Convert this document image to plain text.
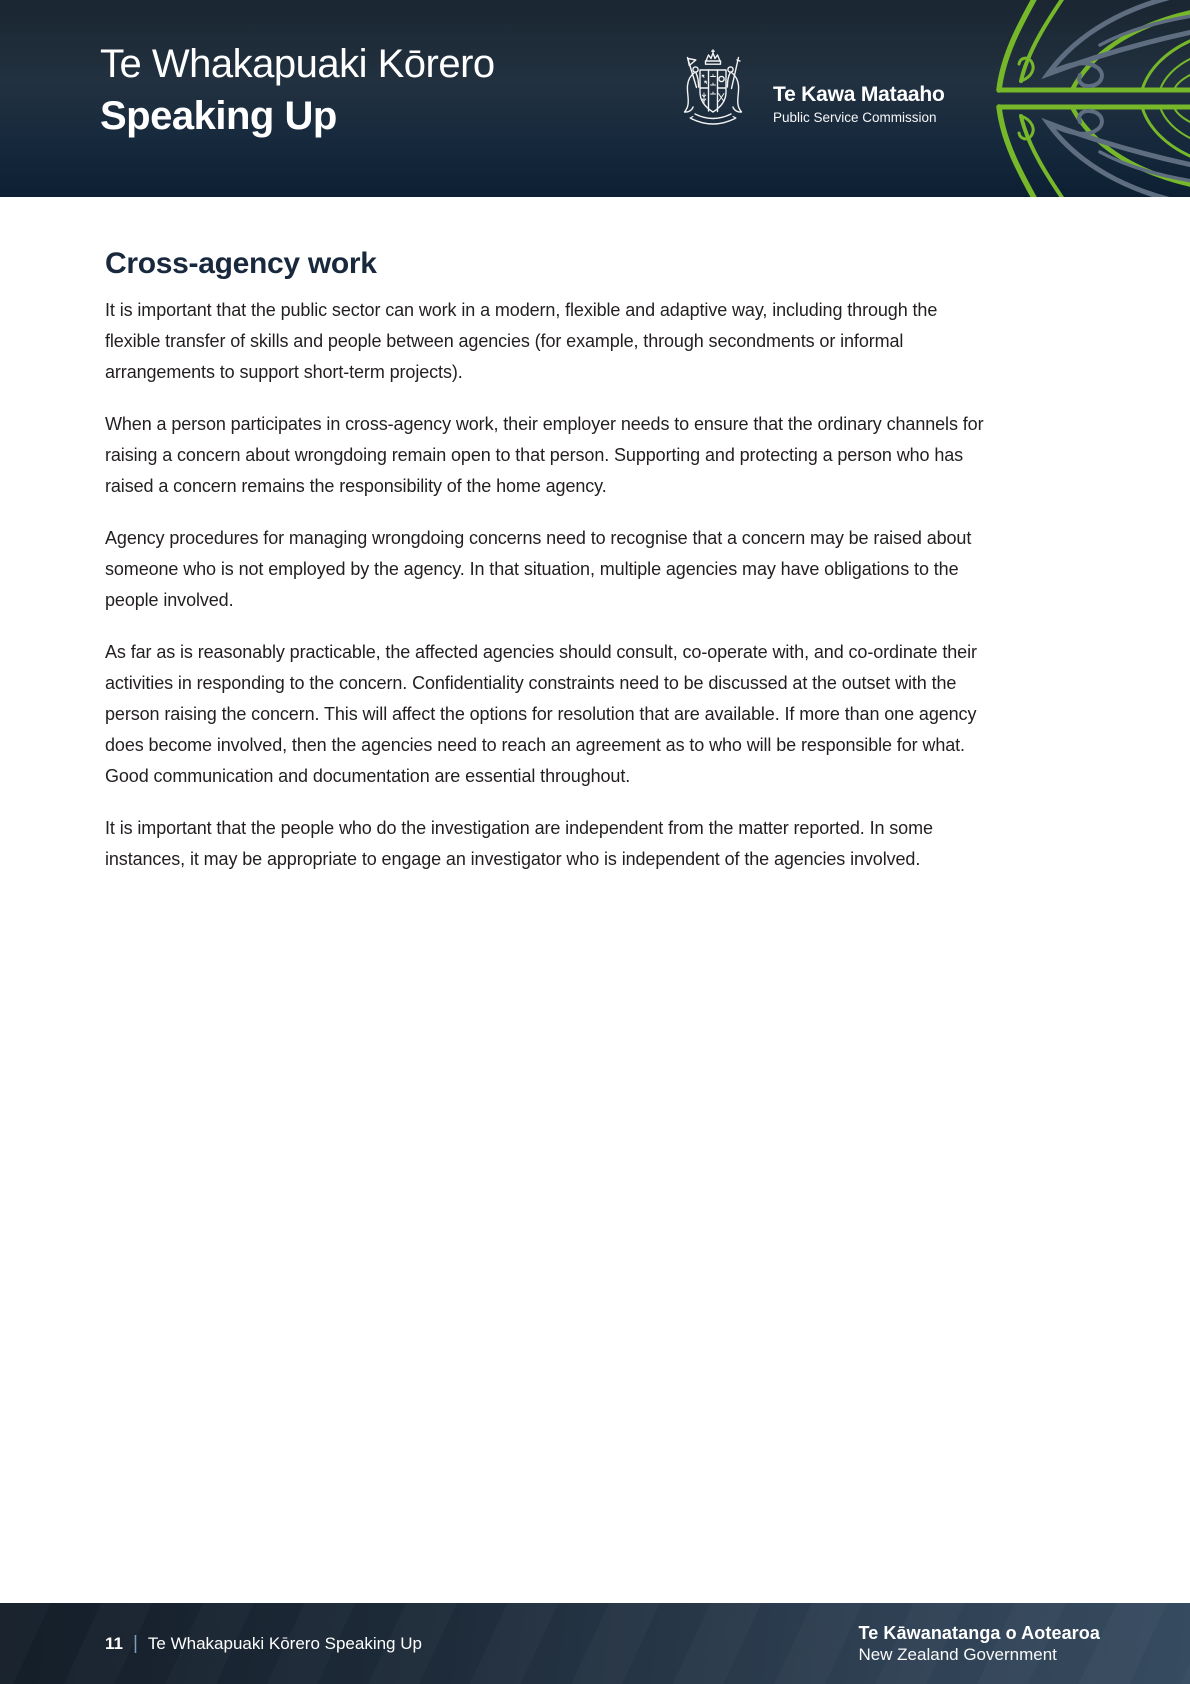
Te Whakapuaki Kōrero
Speaking Up	Te Kawa Mataaho
Public Service Commission
Cross-agency work

It is important that the public sector can work in a modern, flexible and adaptive way, including through the flexible transfer of skills and people between agencies (for example, through secondments or informal arrangements to support short-term projects).

When a person participates in cross-agency work, their employer needs to ensure that the ordinary channels for raising a concern about wrongdoing remain open to that person. Supporting and protecting a person who has raised a concern remains the responsibility of the home agency.

Agency procedures for managing wrongdoing concerns need to recognise that a concern may be raised about someone who is not employed by the agency. In that situation, multiple agencies may have obligations to the people involved.

As far as is reasonably practicable, the affected agencies should consult, co-operate with, and co-ordinate their activities in responding to the concern. Confidentiality constraints need to be discussed at the outset with the person raising the concern. This will affect the options for resolution that are available. If more than one agency does become involved, then the agencies need to reach an agreement as to who will be responsible for what. Good communication and documentation are essential throughout.

It is important that the people who do the investigation are independent from the matter reported. In some instances, it may be appropriate to engage an investigator who is independent of the agencies involved.

11 | Te Whakapuaki Kōrero Speaking Up
Te Kāwanatanga o Aotearoa
New Zealand Government
